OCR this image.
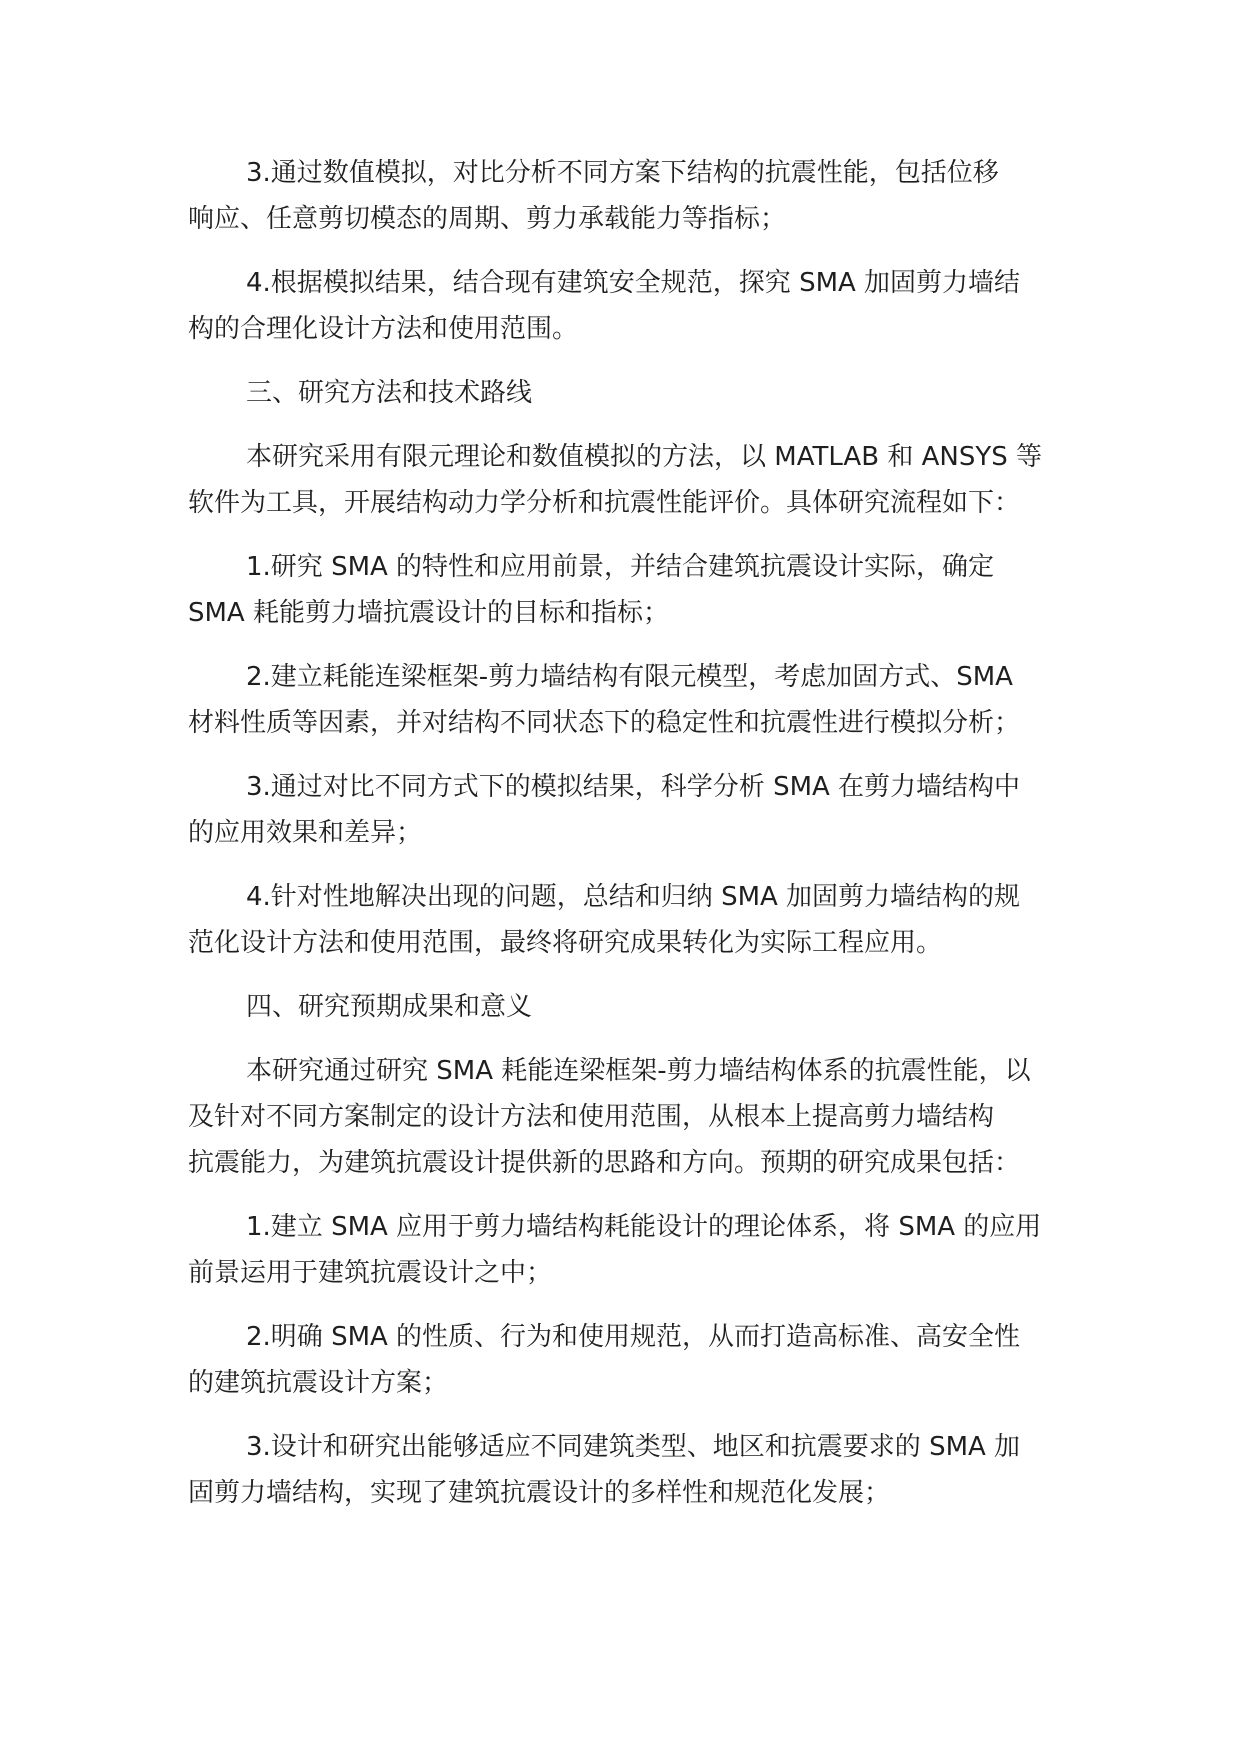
3.通过数值模拟，对比分析不同方案下结构的抗震性能，包括位移
响应、任意剪切模态的周期、剪力承载能力等指标；
4.根据模拟结果，结合现有建筑安全规范，探究 SMA 加固剪力墙结
构的合理化设计方法和使用范围。
三、研究方法和技术路线
本研究采用有限元理论和数值模拟的方法，以 MATLAB 和 ANSYS 等
软件为工具，开展结构动力学分析和抗震性能评价。具体研究流程如下：
1.研究 SMA 的特性和应用前景，并结合建筑抗震设计实际，确定
SMA 耗能剪力墙抗震设计的目标和指标；
2.建立耗能连梁框架-剪力墙结构有限元模型，考虑加固方式、SMA
材料性质等因素，并对结构不同状态下的稳定性和抗震性进行模拟分析；
3.通过对比不同方式下的模拟结果，科学分析 SMA 在剪力墙结构中
的应用效果和差异；
4.针对性地解决出现的问题，总结和归纳 SMA 加固剪力墙结构的规
范化设计方法和使用范围，最终将研究成果转化为实际工程应用。
四、研究预期成果和意义
本研究通过研究 SMA 耗能连梁框架-剪力墙结构体系的抗震性能，以
及针对不同方案制定的设计方法和使用范围，从根本上提高剪力墙结构
抗震能力，为建筑抗震设计提供新的思路和方向。预期的研究成果包括：
1.建立 SMA 应用于剪力墙结构耗能设计的理论体系，将 SMA 的应用
前景运用于建筑抗震设计之中；
2.明确 SMA 的性质、行为和使用规范，从而打造高标准、高安全性
的建筑抗震设计方案；
3.设计和研究出能够适应不同建筑类型、地区和抗震要求的 SMA 加
固剪力墙结构，实现了建筑抗震设计的多样性和规范化发展；
